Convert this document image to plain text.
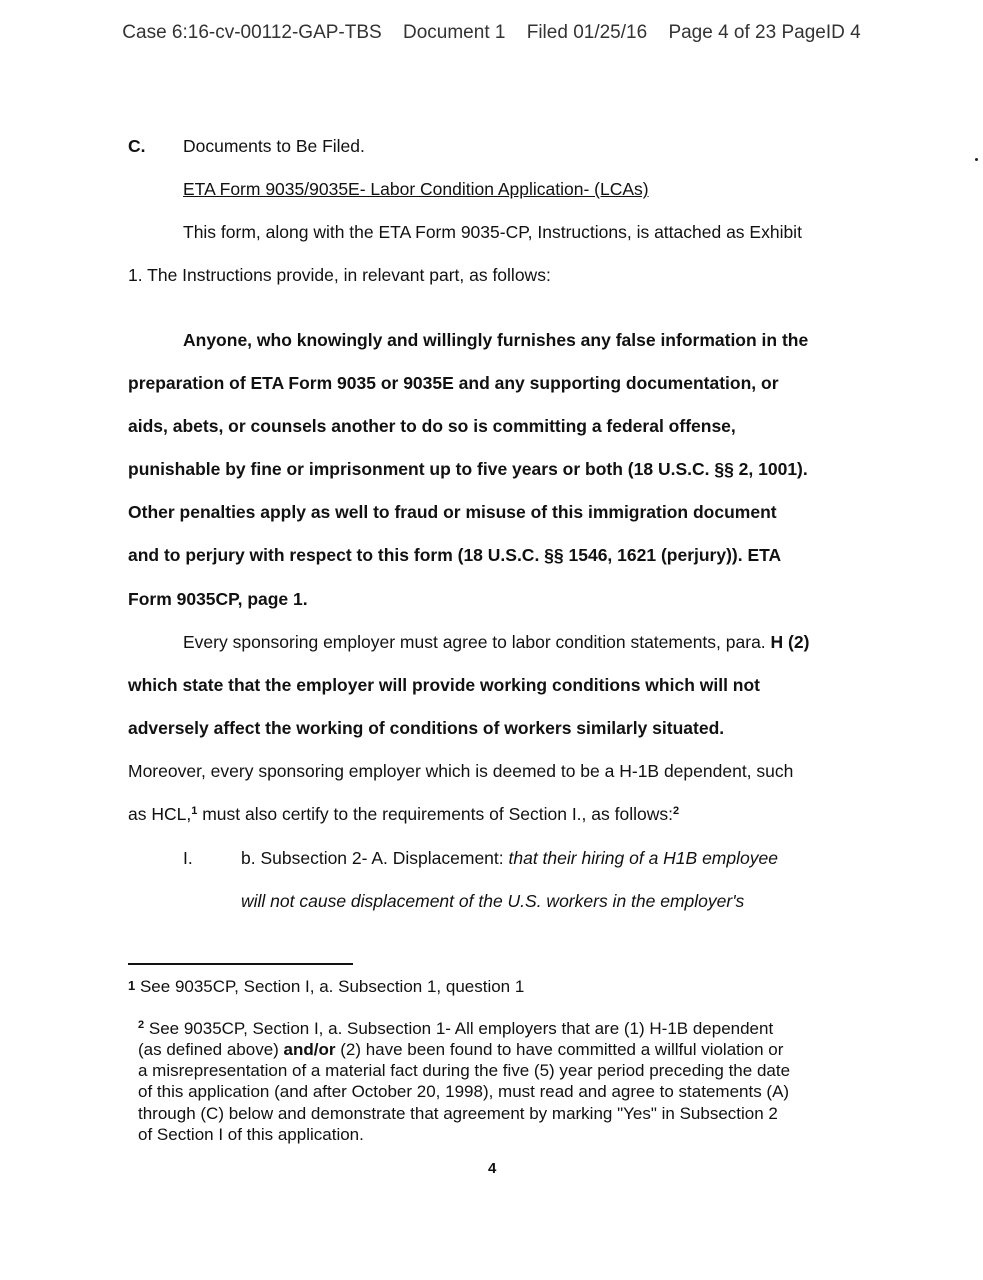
Case 6:16-cv-00112-GAP-TBS Document 1 Filed 01/25/16 Page 4 of 23 PageID 4
C. Documents to Be Filed.
ETA Form 9035/9035E- Labor Condition Application- (LCAs)
This form, along with the ETA Form 9035-CP, Instructions, is attached as Exhibit
1. The Instructions provide, in relevant part, as follows:
Anyone, who knowingly and willingly furnishes any false information in the
preparation of ETA Form 9035 or 9035E and any supporting documentation, or
aids, abets, or counsels another to do so is committing a federal offense,
punishable by fine or imprisonment up to five years or both (18 U.S.C. §§ 2, 1001).
Other penalties apply as well to fraud or misuse of this immigration document
and to perjury with respect to this form (18 U.S.C. §§ 1546, 1621 (perjury)). ETA
Form 9035CP, page 1.
Every sponsoring employer must agree to labor condition statements, para. H (2)
which state that the employer will provide working conditions which will not
adversely affect the working of conditions of workers similarly situated.
Moreover, every sponsoring employer which is deemed to be a H-1B dependent, such
as HCL,$^1$ must also certify to the requirements of Section I., as follows:$^2$
I.	b. Subsection 2- A. Displacement: that their hiring of a H1B employee
will not cause displacement of the U.S. workers in the employer's
1 See 9035CP, Section I, a. Subsection 1, question 1
$^2$ See 9035CP, Section I, a. Subsection 1- All employers that are (1) H-1B dependent
(as defined above) and/or (2) have been found to have committed a willful violation or
a misrepresentation of a material fact during the five (5) year period preceding the date
of this application (and after October 20, 1998), must read and agree to statements (A)
through (C) below and demonstrate that agreement by marking "Yes" in Subsection 2
of Section I of this application.
4
